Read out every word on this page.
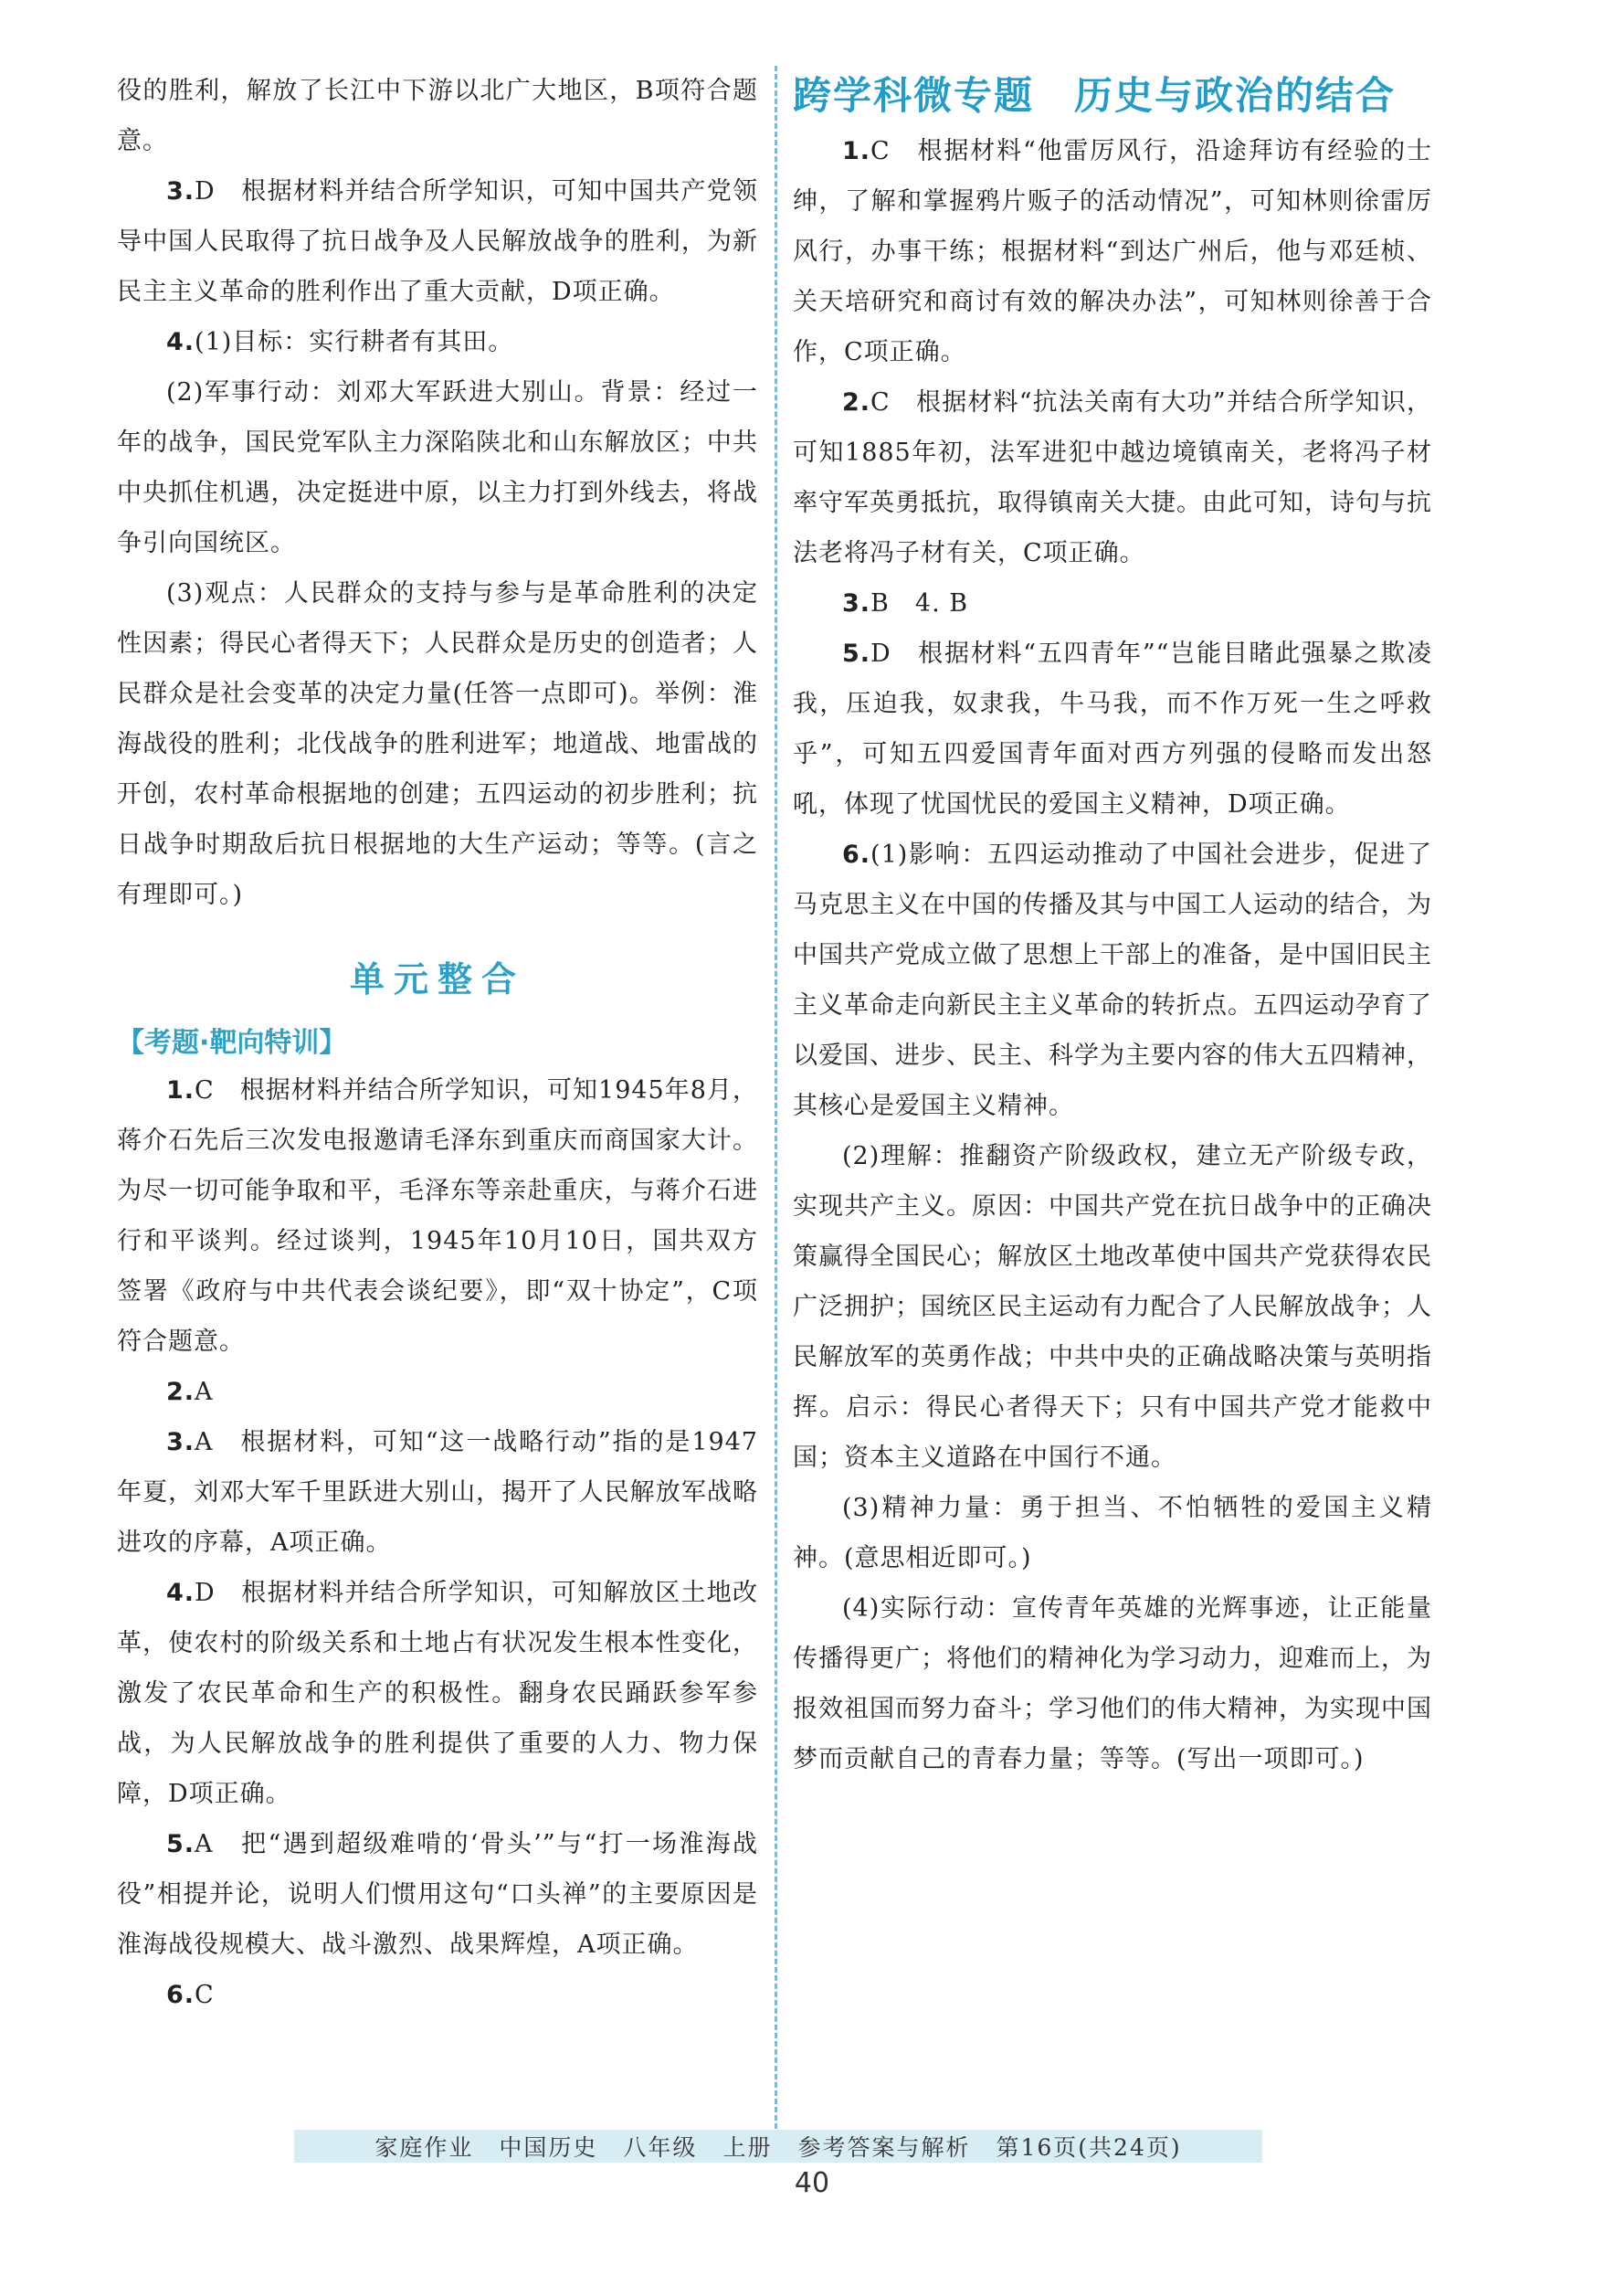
役的胜利，解放了长江中下游以北广大地区，B项符合题意。

3.D　根据材料并结合所学知识，可知中国共产党领导中国人民取得了抗日战争及人民解放战争的胜利，为新民主主义革命的胜利作出了重大贡献，D项正确。

4.(1)目标：实行耕者有其田。

(2)军事行动：刘邓大军跃进大别山。背景：经过一年的战争，国民党军队主力深陷陕北和山东解放区；中共中央抓住机遇，决定挺进中原，以主力打到外线去，将战争引向国统区。

(3)观点：人民群众的支持与参与是革命胜利的决定性因素；得民心者得天下；人民群众是历史的创造者；人民群众是社会变革的决定力量(任答一点即可)。举例：淮海战役的胜利；北伐战争的胜利进军；地道战、地雷战的开创，农村革命根据地的创建；五四运动的初步胜利；抗日战争时期敌后抗日根据地的大生产运动；等等。(言之有理即可。)

单元整合
【考题·靶向特训】

1.C　根据材料并结合所学知识，可知1945年8月，蒋介石先后三次发电报邀请毛泽东到重庆而商国家大计。为尽一切可能争取和平，毛泽东等亲赴重庆，与蒋介石进行和平谈判。经过谈判，1945年10月10日，国共双方签署《政府与中共代表会谈纪要》，即“双十协定”，C项符合题意。

2.A

3.A　根据材料，可知“这一战略行动”指的是1947年夏，刘邓大军千里跃进大别山，揭开了人民解放军战略进攻的序幕，A项正确。

4.D　根据材料并结合所学知识，可知解放区土地改革，使农村的阶级关系和土地占有状况发生根本性变化，激发了农民革命和生产的积极性。翻身农民踊跃参军参战，为人民解放战争的胜利提供了重要的人力、物力保障，D项正确。

5.A　把“遇到超级难啃的‘骨头’”与“打一场淮海战役”相提并论，说明人们惯用这句“口头禅”的主要原因是淮海战役规模大、战斗激烈、战果辉煌，A项正确。

6.C

跨学科微专题 历史与政治的结合

1.C　根据材料“他雷厉风行，沿途拜访有经验的士绅，了解和掌握鸦片贩子的活动情况”，可知林则徐雷厉风行，办事干练；根据材料“到达广州后，他与邓廷桢、关天培研究和商讨有效的解决办法”，可知林则徐善于合作，C项正确。

2.C　根据材料“抗法关南有大功”并结合所学知识，可知1885年初，法军进犯中越边境镇南关，老将冯子材率守军英勇抵抗，取得镇南关大捷。由此可知，诗句与抗法老将冯子材有关，C项正确。

3.B　4. B

5.D　根据材料“五四青年”“岂能目睹此强暴之欺凌我，压迫我，奴隶我，牛马我，而不作万死一生之呼救乎”，可知五四爱国青年面对西方列强的侵略而发出怒吼，体现了忧国忧民的爱国主义精神，D项正确。

6.(1)影响：五四运动推动了中国社会进步，促进了马克思主义在中国的传播及其与中国工人运动的结合，为中国共产党成立做了思想上干部上的准备，是中国旧民主主义革命走向新民主主义革命的转折点。五四运动孕育了以爱国、进步、民主、科学为主要内容的伟大五四精神，其核心是爱国主义精神。

(2)理解：推翻资产阶级政权，建立无产阶级专政，实现共产主义。原因：中国共产党在抗日战争中的正确决策赢得全国民心；解放区土地改革使中国共产党获得农民广泛拥护；国统区民主运动有力配合了人民解放战争；人民解放军的英勇作战；中共中央的正确战略决策与英明指挥。启示：得民心者得天下；只有中国共产党才能救中国；资本主义道路在中国行不通。

(3)精神力量：勇于担当、不怕牺牲的爱国主义精神。(意思相近即可。)

(4)实际行动：宣传青年英雄的光辉事迹，让正能量传播得更广；将他们的精神化为学习动力，迎难而上，为报效祖国而努力奋斗；学习他们的伟大精神，为实现中国梦而贡献自己的青春力量；等等。(写出一项即可。)

家庭作业 中国历史 八年级 上册 参考答案与解析 第16页(共24页)
40
